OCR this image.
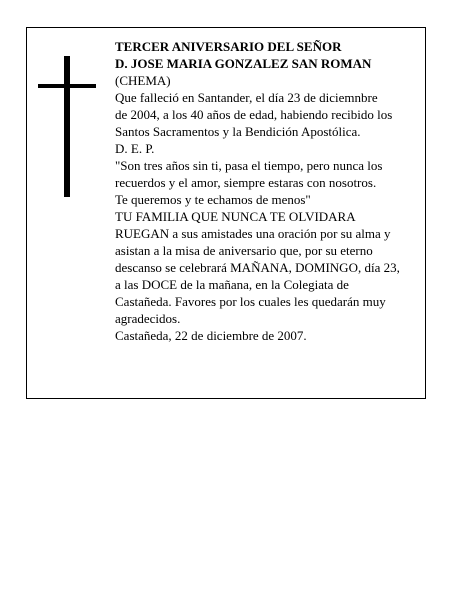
TERCER ANIVERSARIO DEL SEÑOR
D. JOSE MARIA GONZALEZ SAN ROMAN
(CHEMA)
Que falleció en Santander, el día 23 de diciemnbre
de 2004, a los 40 años de edad, habiendo recibido los
Santos Sacramentos y la Bendición Apostólica.
D. E. P.
"Son tres años sin ti, pasa el tiempo, pero nunca los
recuerdos y el amor, siempre estaras con nosotros.
Te queremos y te echamos de menos"
TU FAMILIA QUE NUNCA TE OLVIDARA
RUEGAN a sus amistades una oración por su alma y
asistan a la misa de aniversario que, por su eterno
descanso se celebrará MAÑANA, DOMINGO, día 23,
a las DOCE de la mañana, en la Colegiata de
Castañeda. Favores por los cuales les quedarán muy
agradecidos.
Castañeda, 22 de diciembre de 2007.
